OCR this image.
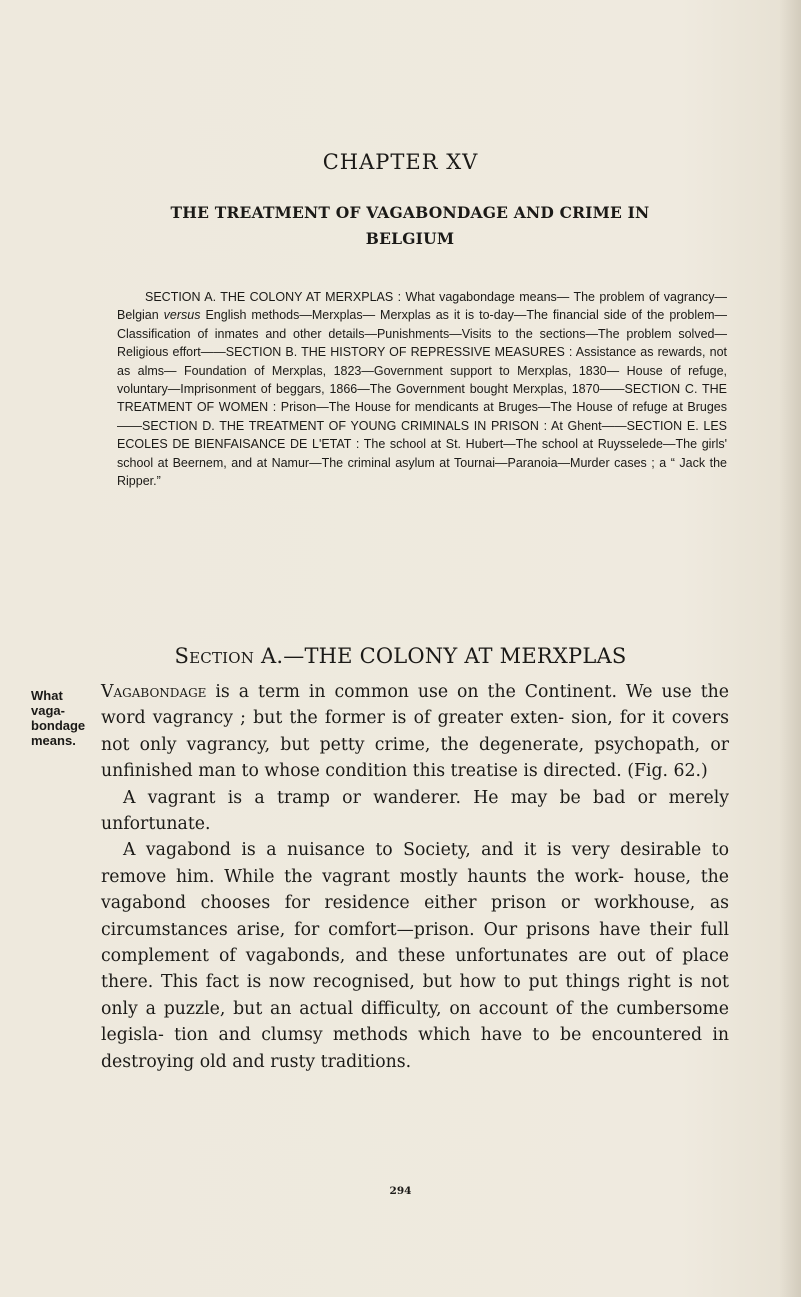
CHAPTER XV
THE TREATMENT OF VAGABONDAGE AND CRIME IN BELGIUM

SECTION A. THE COLONY AT MERXPLAS : What vagabondage means— The problem of vagrancy—Belgian versus English methods—Merxplas— Merxplas as it is to-day—The financial side of the problem—Classification of inmates and other details—Punishments—Visits to the sections—The problem solved—Religious effort——SECTION B. THE HISTORY OF REPRESSIVE MEASURES : Assistance as rewards, not as alms— Foundation of Merxplas, 1823—Government support to Merxplas, 1830— House of refuge, voluntary—Imprisonment of beggars, 1866—The Government bought Merxplas, 1870——SECTION C. THE TREATMENT OF WOMEN : Prison—The House for mendicants at Bruges—The House of refuge at Bruges——SECTION D. THE TREATMENT OF YOUNG CRIMINALS IN PRISON : At Ghent——SECTION E. LES ECOLES DE BIENFAISANCE DE L'ETAT : The school at St. Hubert—The school at Ruysselede—The girls' school at Beernem, and at Namur—The criminal asylum at Tournai—Paranoia—Murder cases ; a “ Jack the Ripper.”

Section A.—THE COLONY AT MERXPLAS
What vaga- bondage means.

Vagabondage is a term in common use on the Continent. We use the word vagrancy ; but the former is of greater exten- sion, for it covers not only vagrancy, but petty crime, the degenerate, psychopath, or unfinished man to whose condition this treatise is directed. (Fig. 62.)

A vagrant is a tramp or wanderer. He may be bad or merely unfortunate.

A vagabond is a nuisance to Society, and it is very desirable to remove him. While the vagrant mostly haunts the work- house, the vagabond chooses for residence either prison or workhouse, as circumstances arise, for comfort—prison. Our prisons have their full complement of vagabonds, and these unfortunates are out of place there. This fact is now recognised, but how to put things right is not only a puzzle, but an actual difficulty, on account of the cumbersome legisla- tion and clumsy methods which have to be encountered in destroying old and rusty traditions.

294
